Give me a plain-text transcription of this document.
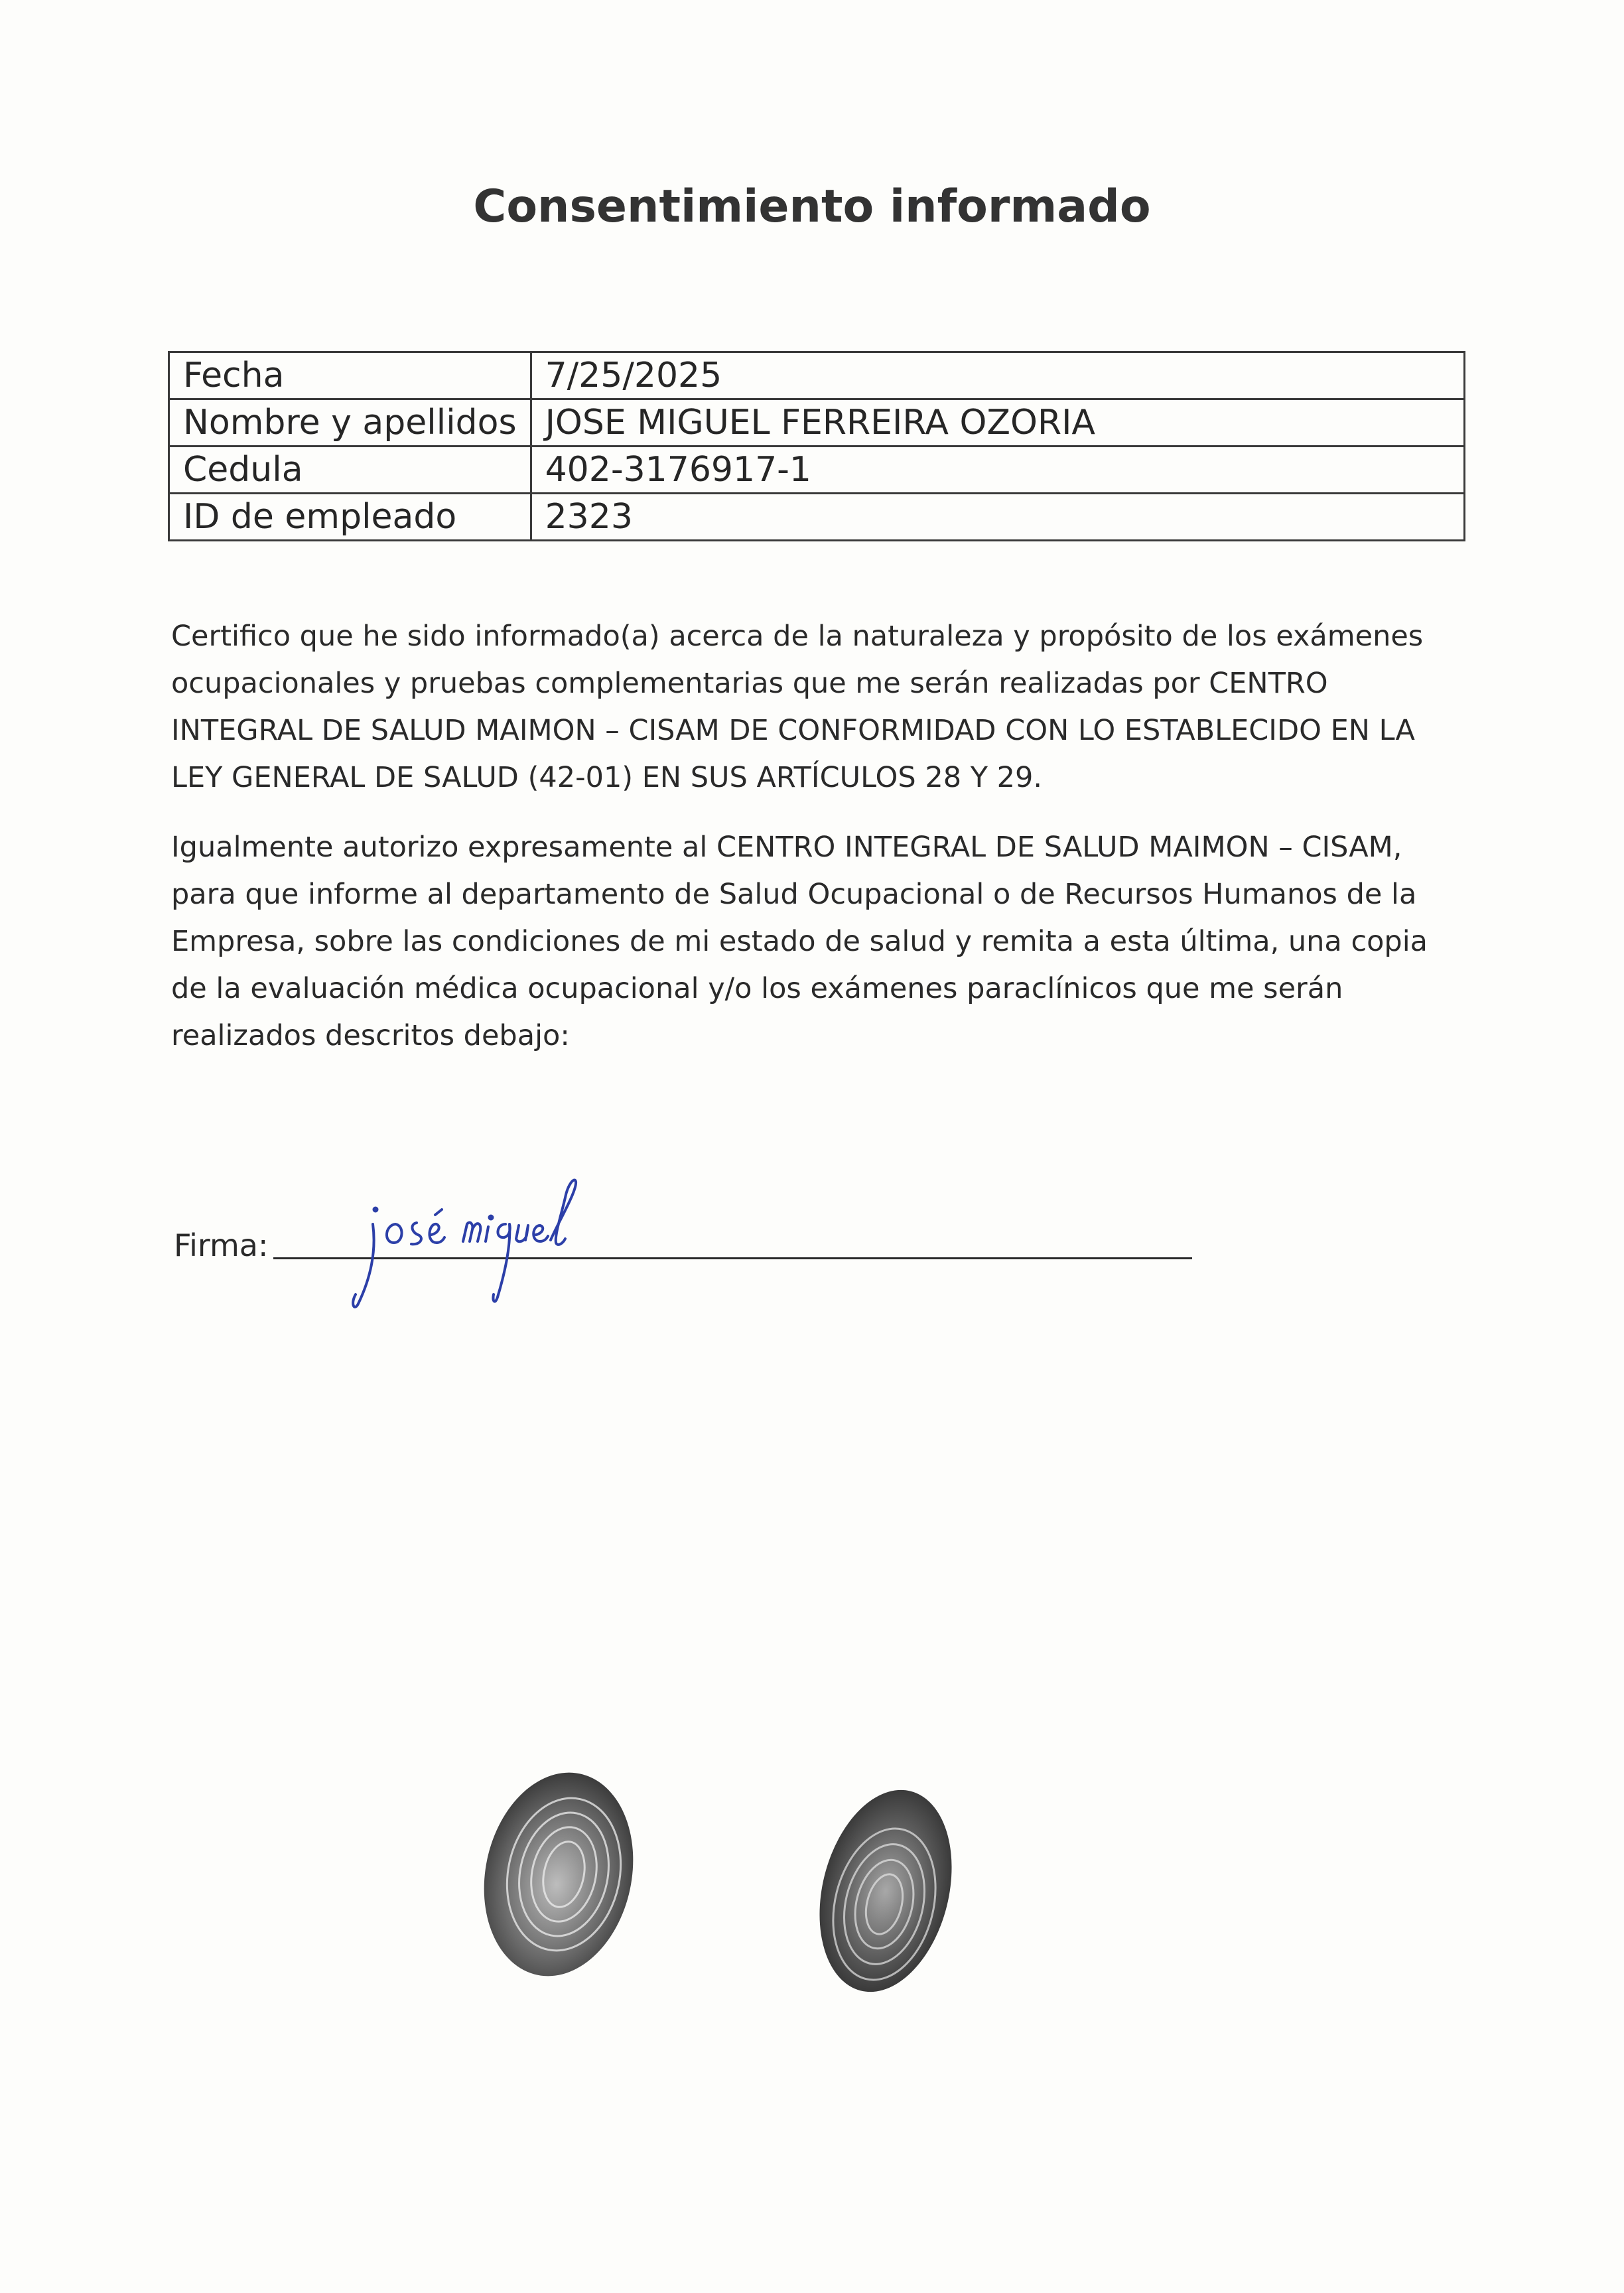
Consentimiento informado
Fecha	7/25/2025
Nombre y apellidos	JOSE MIGUEL FERREIRA OZORIA
Cedula	402-3176917-1
ID de empleado	2323

Certifico que he sido informado(a) acerca de la naturaleza y propósito de los exámenes ocupacionales y pruebas complementarias que me serán realizadas por CENTRO INTEGRAL DE SALUD MAIMON – CISAM DE CONFORMIDAD CON LO ESTABLECIDO EN LA LEY GENERAL DE SALUD (42-01) EN SUS ARTÍCULOS 28 Y 29.

Igualmente autorizo expresamente al CENTRO INTEGRAL DE SALUD MAIMON – CISAM, para que informe al departamento de Salud Ocupacional o de Recursos Humanos de la Empresa, sobre las condiciones de mi estado de salud y remita a esta última, una copia de la evaluación médica ocupacional y/o los exámenes paraclínicos que me serán realizados descritos debajo:

Firma:
